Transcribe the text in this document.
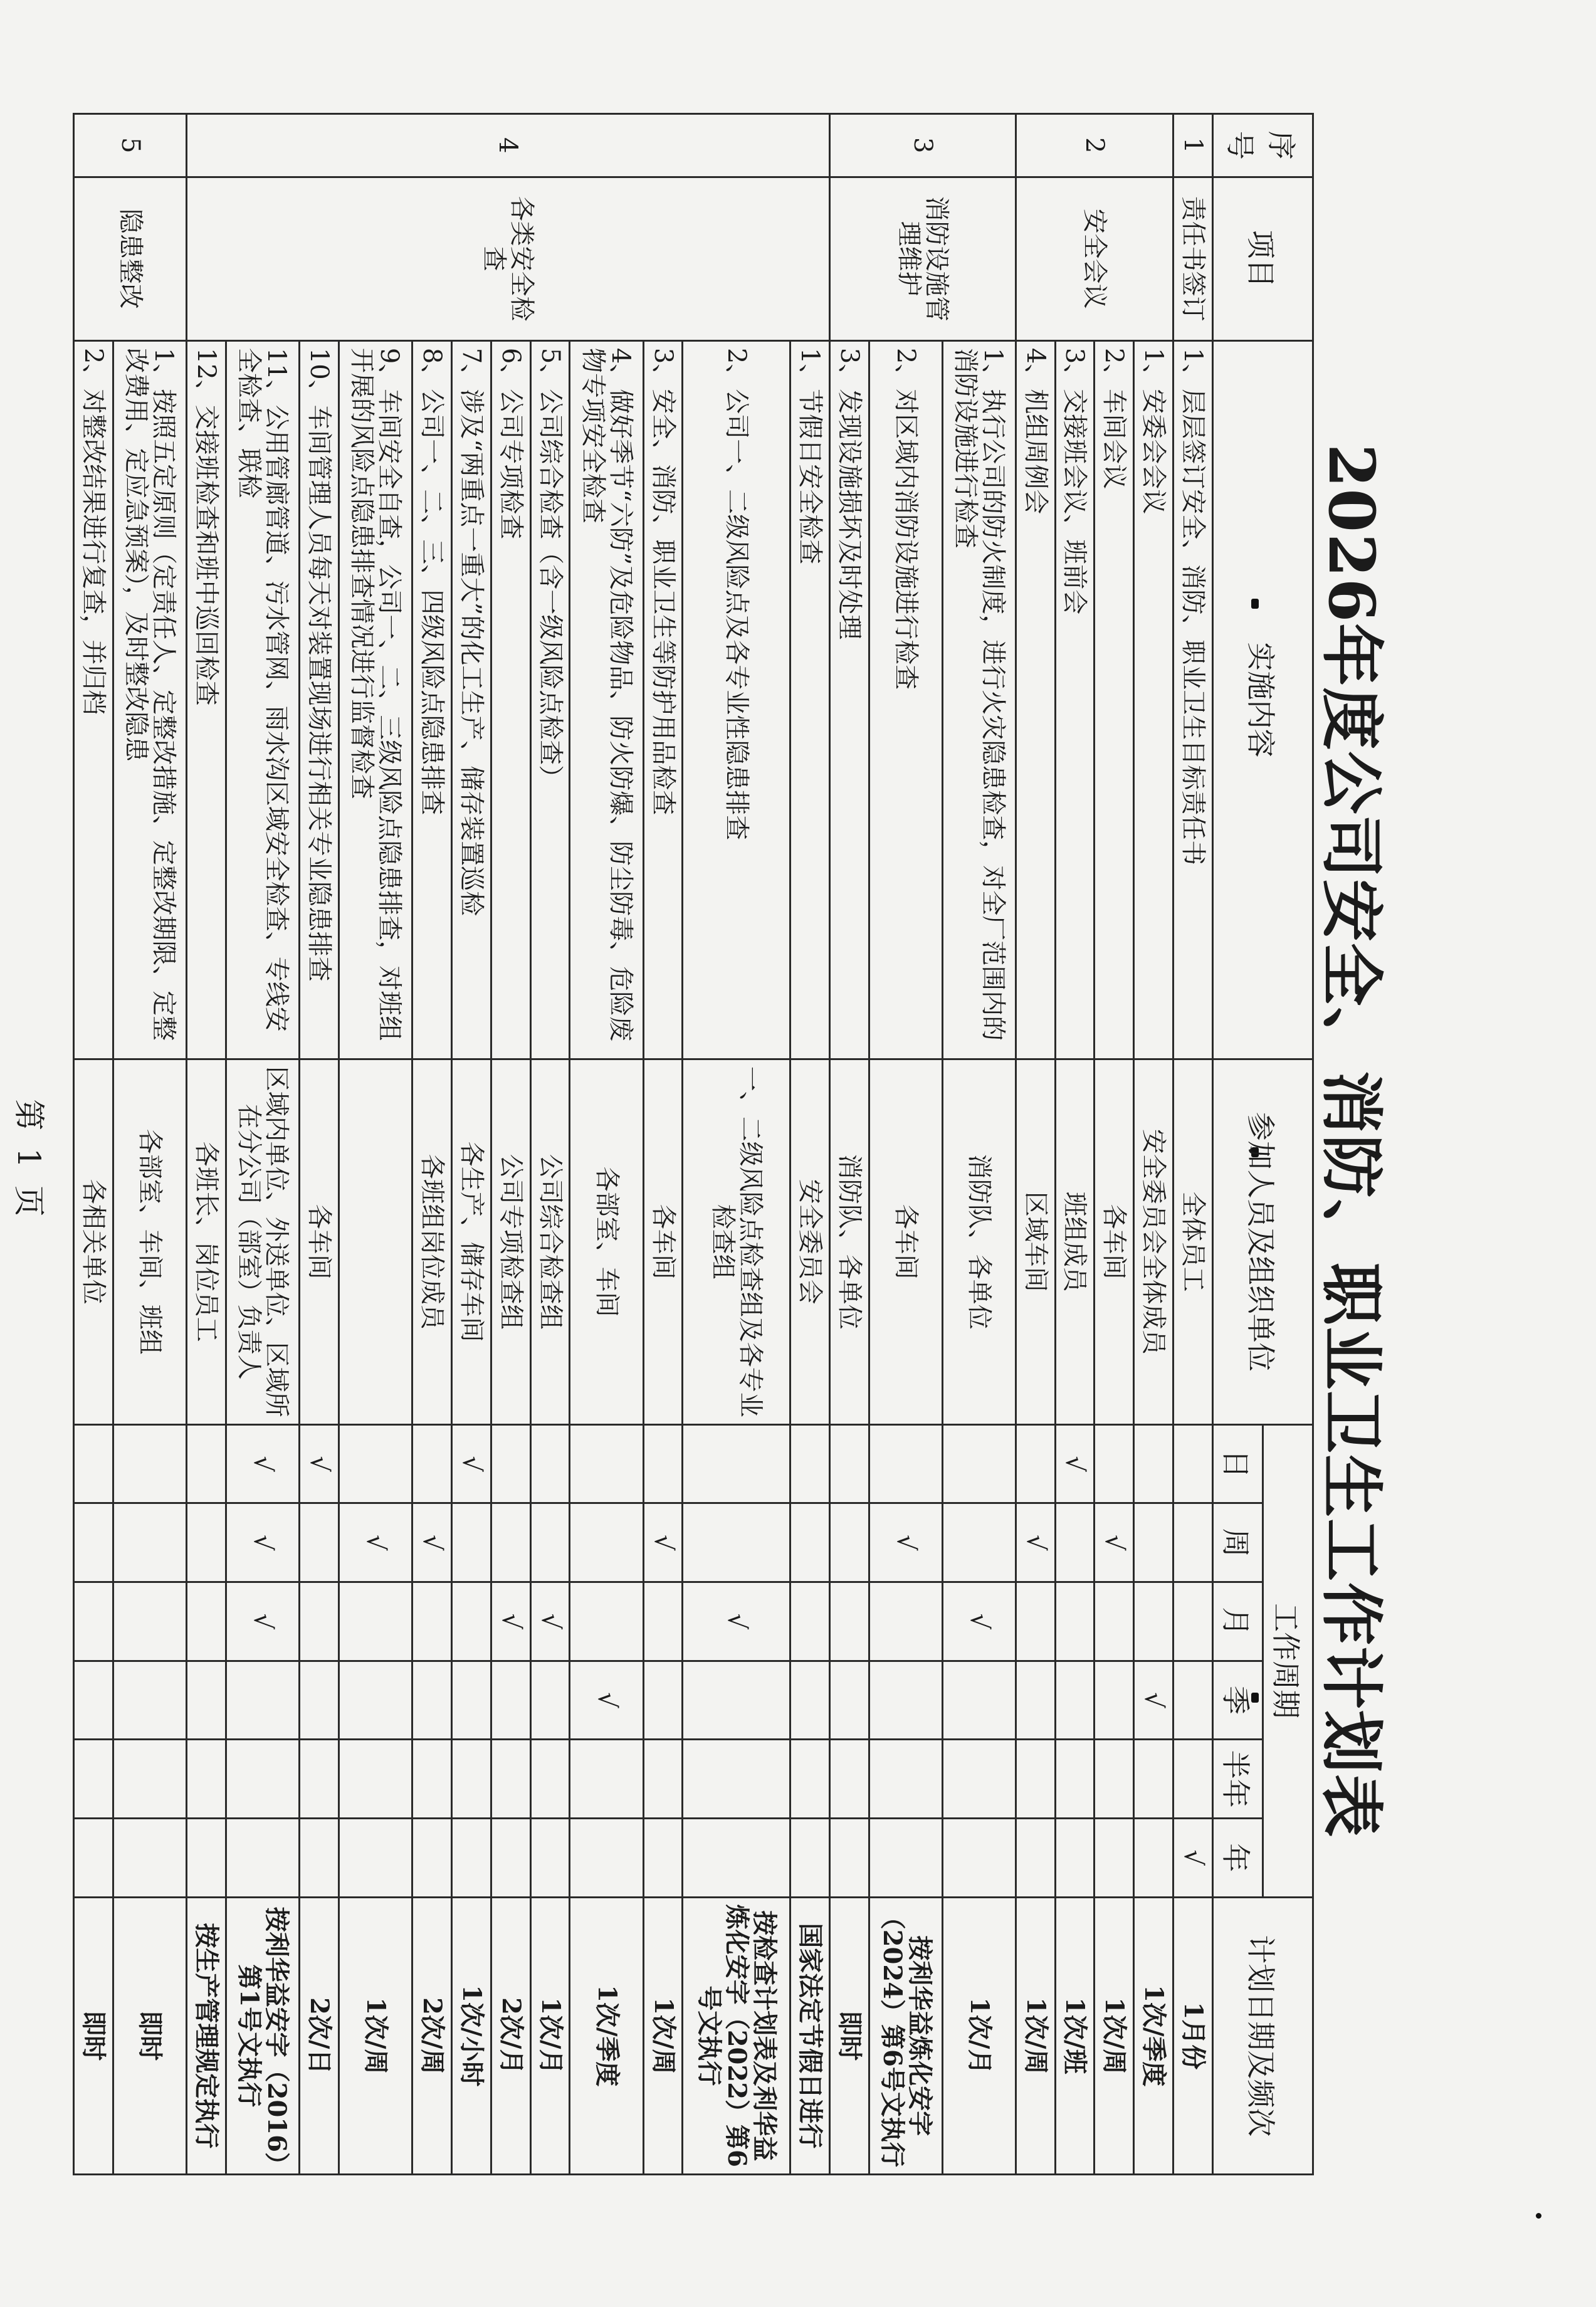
2026年度公司安全、消防、职业卫生工作计划表
序号	项目	实施内容	参加人员及组织单位	工作周期						计划日期及频次
				日	周	月	季	半年	年	
1	责任书签订	1、层层签订安全、消防、职业卫生目标责任书	全体员工						√	1月份
2	安全会议	1、安委会会议	安全委员会全体成员				√			1次/季度
		2、车间会议	各车间		√					1次/周
		3、交接班会议、班前会	班组成员	√						1次/班
		4、机组周例会	区域车间		√					1次/周
3	消防设施管理维护	1、执行公司的防火制度，进行火灾隐患检查，对全厂范围内的消防设施进行检查	消防队、各单位			√				1次/月
		2、对区域内消防设施进行检查	各车间		√					按利华益炼化安字（2024）第6号文执行
		3、发现设施损坏及时处理	消防队、各单位							即时
4	各类安全检查	1、节假日安全检查	安全委员会							国家法定节假日进行
		2、公司一、二级风险点及各专业性隐患排查	一、二级风险点检查组及各专业检查组			√				按检查计划表及利华益炼化安字（2022）第6号文执行
		3、安全、消防、职业卫生等防护用品检查	各车间		√					1次/周
		4、做好季节“六防”及危险物品、防火防爆、防尘防毒、危险废物专项安全检查	各部室、车间				√			1次/季度
		5、公司综合检查（含一级风险点检查）	公司综合检查组			√				1次/月
		6、公司专项检查	公司专项检查组			√				2次/月
		7、涉及“两重点一重大”的化工生产、储存装置巡检	各生产、储存车间	√						1次/小时
		8、公司一、二、三、四级风险点隐患排查	各班组岗位成员		√					2次/周
		9、车间安全自查，公司一、二、三级风险点隐患排查，对班组开展的风险点隐患排查情况进行监督检查			√					1次/周
		10、车间管理人员每天对装置现场进行相关专业隐患排查	各车间	√						2次/日
		11、公用管廊管道、污水管网、雨水沟区域安全检查、专线安全检查、联检	区域内单位、外送单位、区域所在分公司（部室）负责人	√	√	√				按利华益安字（2016）第1号文执行
		12、交接班检查和班中巡回检查	各班长、岗位员工							按生产管理规定执行
5	隐患整改	1、按照五定原则（定责任人、定整改措施、定整改期限、定整改费用、定应急预案），及时整改隐患	各部室、车间、班组							即时
		2、对整改结果进行复查，并归档	各相关单位							即时
第 1 页
